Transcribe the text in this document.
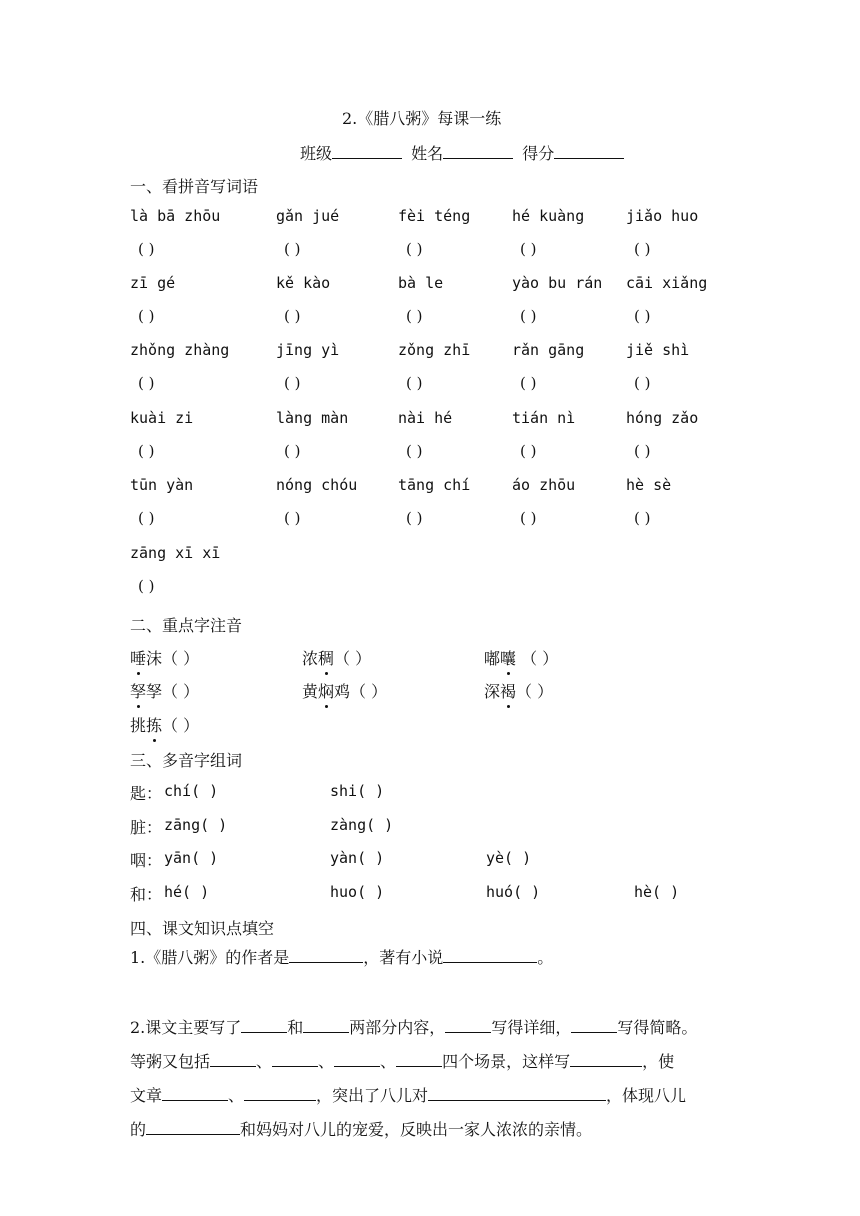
2.《腊八粥》每课一练
班级	姓名	得分
一、看拼音写词语
là bā zhōu
( )
gǎn jué
( )
fèi téng
( )
hé kuàng
( )
jiǎo huo
( )
zī gé
( )
kě kào
( )
bà le
( )
yào bu rán
( )
cāi xiǎng
( )
zhǒng zhàng
( )
jīng yì
( )
zǒng zhī
( )
rǎn gāng
( )
jiě shì
( )
kuài zi
( )
làng màn
( )
nài hé
( )
tián nì
( )
hóng zǎo
( )
tūn yàn
( )
nóng chóu
( )
tāng chí
( )
áo zhōu
( )
hè sè
( )
zāng xī xī
( )
二、重点字注音
唾沫（ ）	浓稠（ ）	嘟囔 （ ）
孥孥（ ）	黄焖鸡（ ）	深褐（ ）
挑拣（ ）
三、多音字组词
匙： chí( )	shi( )
脏： zāng( )	zàng( )
咽： yān( )	yàn( )	yè( )
和： hé( )	huo( )	huó( )	hè( )
四、课文知识点填空
1.《腊八粥》的作者是	，著有小说	。
2.课文主要写了	和	两部分内容，	写得详细，	写得简略。
等粥又包括	、	、	、	四个场景，这样写	，使
文章	、	，突出了八儿对	，体现八儿
的	和妈妈对八儿的宠爱，反映出一家人浓浓的亲情。
